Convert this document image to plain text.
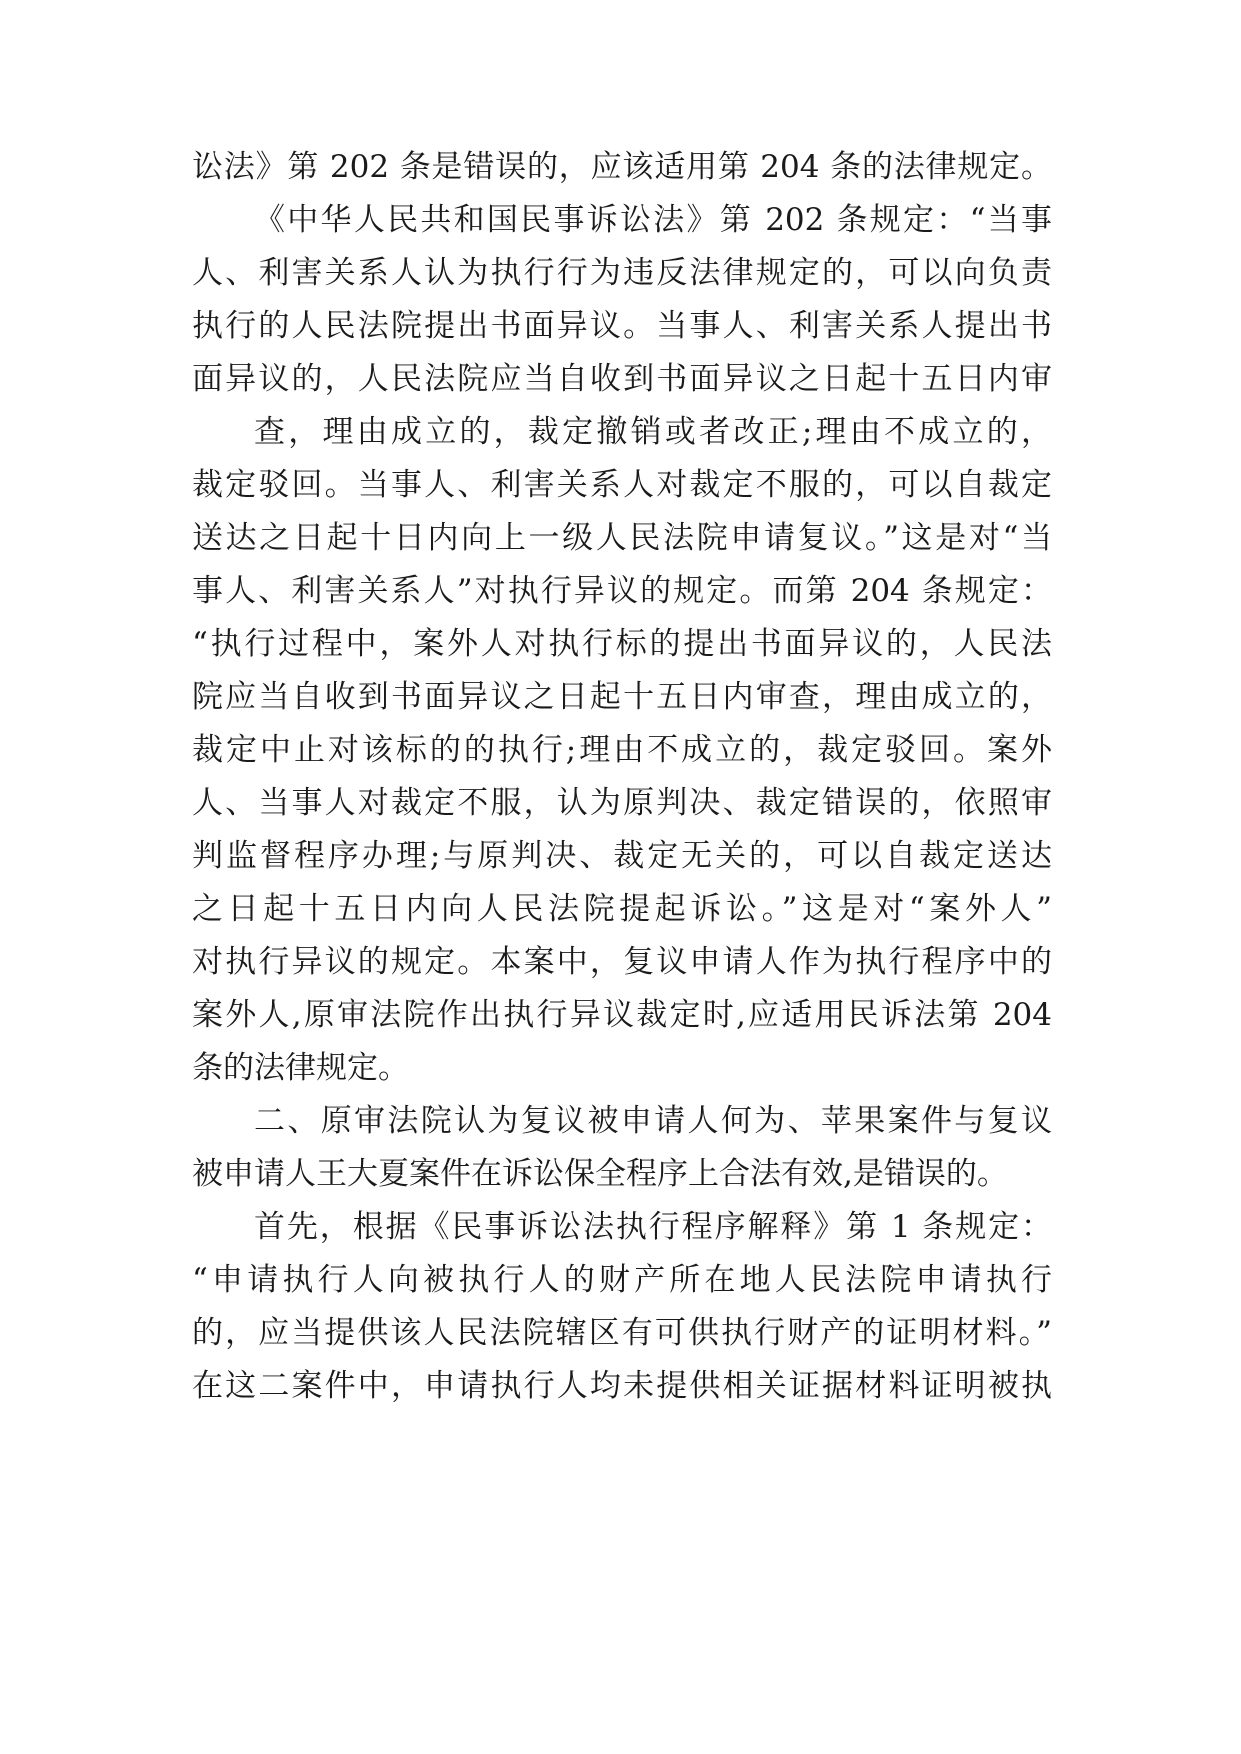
讼法》第 202 条是错误的，应该适用第 204 条的法律规定。
《中华人民共和国民事诉讼法》第 202 条规定：“当事
人、利害关系人认为执行行为违反法律规定的，可以向负责
执行的人民法院提出书面异议。当事人、利害关系人提出书
面异议的，人民法院应当自收到书面异议之日起十五日内审
查，理由成立的，裁定撤销或者改正;理由不成立的，
裁定驳回。当事人、利害关系人对裁定不服的，可以自裁定
送达之日起十日内向上一级人民法院申请复议。”这是对“当
事人、利害关系人”对执行异议的规定。而第 204 条规定：
“执行过程中，案外人对执行标的提出书面异议的，人民法
院应当自收到书面异议之日起十五日内审查，理由成立的，
裁定中止对该标的的执行;理由不成立的，裁定驳回。案外
人、当事人对裁定不服，认为原判决、裁定错误的，依照审
判监督程序办理;与原判决、裁定无关的，可以自裁定送达
之日起十五日内向人民法院提起诉讼。”这是对“案外人”
对执行异议的规定。本案中，复议申请人作为执行程序中的
案外人,原审法院作出执行异议裁定时,应适用民诉法第 204
条的法律规定。
二、原审法院认为复议被申请人何为、苹果案件与复议
被申请人王大夏案件在诉讼保全程序上合法有效,是错误的。
首先，根据《民事诉讼法执行程序解释》第 1 条规定：
“申请执行人向被执行人的财产所在地人民法院申请执行
的，应当提供该人民法院辖区有可供执行财产的证明材料。”
在这二案件中，申请执行人均未提供相关证据材料证明被执
